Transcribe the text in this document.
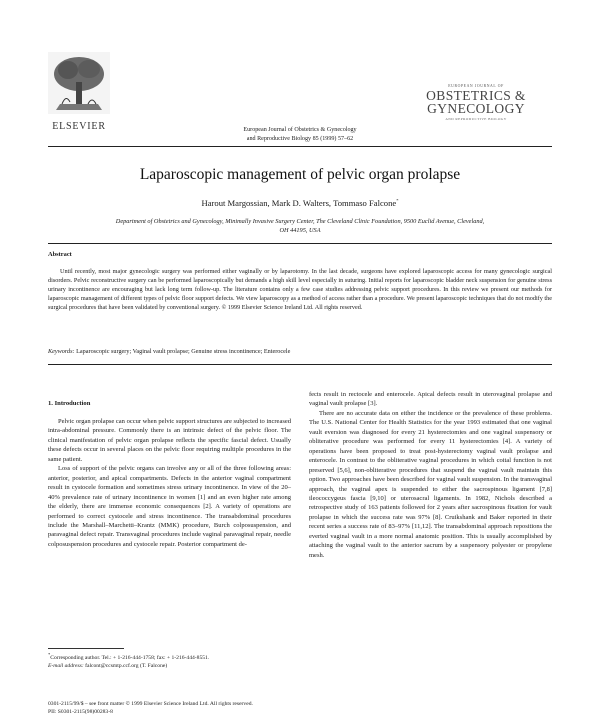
ELSEVIER	European Journal of Obstetrics & Gynecology
and Reproductive Biology 85 (1999) 57–62
EUROPEAN JOURNAL OF
OBSTETRICS &
GYNECOLOGY
AND REPRODUCTIVE BIOLOGY
Laparoscopic management of pelvic organ prolapse
Harout Margossian, Mark D. Walters, Tommaso Falcone*
Department of Obstetrics and Gynecology, Minimally Invasive Surgery Center, The Cleveland Clinic Foundation, 9500 Euclid Avenue, Cleveland,
OH 44195, USA
Abstract
Until recently, most major gynecologic surgery was performed either vaginally or by laparotomy. In the last decade, surgeons have explored laparoscopic access for many gynecologic surgical disorders. Pelvic reconstructive surgery can be performed laparoscopically but demands a high skill level especially in suturing. Initial reports for laparoscopic bladder neck suspension for genuine stress urinary incontinence are encouraging but lack long term follow-up. The literature contains only a few case studies addressing pelvic support procedures. In this review we present our methods for laparoscopic management of different types of pelvic floor support defects. We view laparoscopy as a method of access rather than a procedure. We present laparoscopic techniques that do not modify the surgical procedures that have been validated by conventional surgery. © 1999 Elsevier Science Ireland Ltd. All rights reserved.
Keywords: Laparoscopic surgery; Vaginal vault prolapse; Genuine stress incontinence; Enterocele
1. Introduction

Pelvic organ prolapse can occur when pelvic support structures are subjected to increased intra-abdominal pressure. Commonly there is an intrinsic defect of the pelvic floor. The clinical manifestation of pelvic organ prolapse reflects the specific fascial defect. Usually these defects occur in several places on the pelvic floor requiring multiple procedures in the same patient.

Loss of support of the pelvic organs can involve any or all of the three following areas: anterior, posterior, and apical compartments. Defects in the anterior vaginal compartment result in cystocele formation and sometimes stress urinary incontinence. In view of the 20–40% prevalence rate of urinary incontinence in women [1] and an even higher rate among the elderly, there are immense economic consequences [2]. A variety of operations are performed to correct cystocele and stress incontinence. The transabdominal procedures include the Marshall–Marchetti–Krantz (MMK) procedure, Burch colposuspension, and paravaginal defect repair. Transvaginal procedures include vaginal paravaginal repair, needle colposuspension procedures and cystocele repair. Posterior compartment de-

fects result in rectocele and enterocele. Apical defects result in uterovaginal prolapse and vaginal vault prolapse [3].

There are no accurate data on either the incidence or the prevalence of these problems. The U.S. National Center for Health Statistics for the year 1993 estimated that one vaginal vault eversion was diagnosed for every 21 hysterectomies and one vaginal suspensory or obliterative procedure was performed for every 11 hysterectomies [4]. A variety of operations have been proposed to treat post-hysterectomy vaginal vault prolapse and enterocele. In contrast to the obliterative vaginal procedures in which coital function is not preserved [5,6], non-obliterative procedures that suspend the vaginal vault maintain this option. Two approaches have been described for vaginal vault suspension. In the transvaginal approach, the vaginal apex is suspended to either the sacrospinous ligament [7,8] ileococcygeus fascia [9,10] or uterosacral ligaments. In 1982, Nichols described a retrospective study of 163 patients followed for 2 years after sacrospinous fixation for vault prolapse in which the success rate was 97% [8]. Cruikshank and Baker reported in their recent series a success rate of 83–97% [11,12]. The transabdominal approach repositions the everted vaginal vault in a more normal anatomic position. This is usually accomplished by attaching the vaginal vault to the anterior sacrum by a suspensory polyester or propylene mesh.

*Corresponding author. Tel.: + 1-216-444-1758; fax: + 1-216-444-8551.
E-mail address: falcont@ccsmtp.ccf.org (T. Falcone)
0301-2115/99/$ – see front matter © 1999 Elsevier Science Ireland Ltd. All rights reserved.
PII: S0301-2115(98)00283-8
